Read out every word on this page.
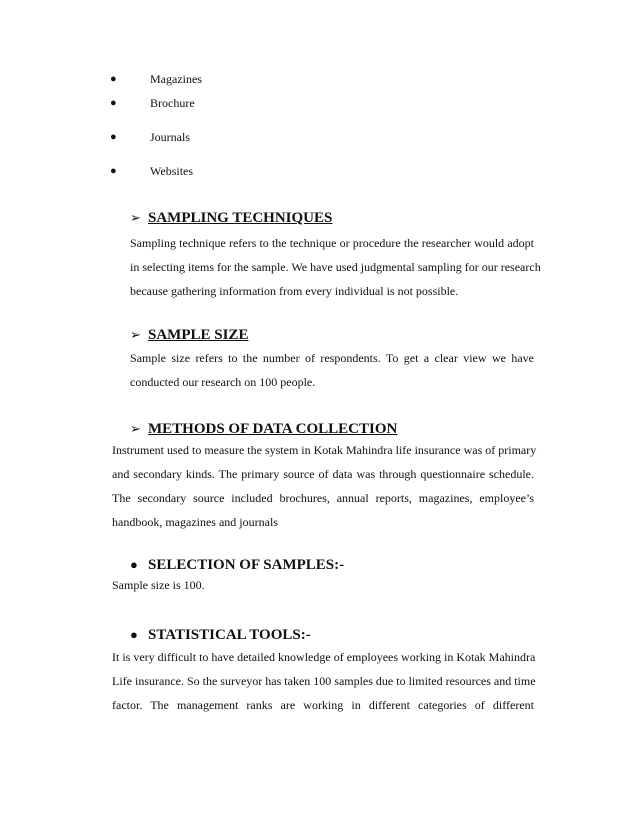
●	Magazines
●	Brochure
●	Journals
●	Websites
➢ SAMPLING TECHNIQUES
Sampling technique refers to the technique or procedure the researcher would adopt
in selecting items for the sample. We have used judgmental sampling for our research
because gathering information from every individual is not possible.
➢ SAMPLE SIZE
Sample size refers to the number of respondents. To get a clear view we have
conducted our research on 100 people.
➢ METHODS OF DATA COLLECTION
Instrument used to measure the system in Kotak Mahindra life insurance was of primary
and secondary kinds. The primary source of data was through questionnaire schedule.
The secondary source included brochures, annual reports, magazines, employee’s
handbook, magazines and journals
● SELECTION OF SAMPLES:-
Sample size is 100.
● STATISTICAL TOOLS:-
It is very difficult to have detailed knowledge of employees working in Kotak Mahindra
Life insurance. So the surveyor has taken 100 samples due to limited resources and time
factor. The management ranks are working in different categories of different
